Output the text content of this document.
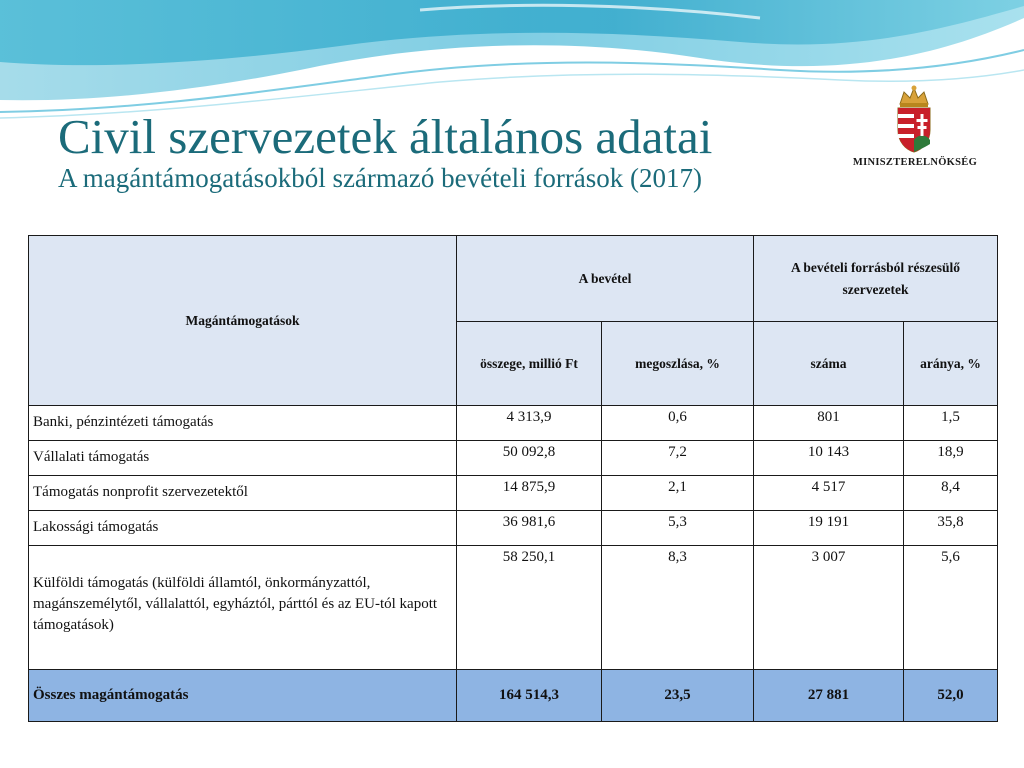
Civil szervezetek általános adatai

A magántámogatásokból származó bevételi források (2017)

MINISZTERELNÖKSÉG
Magántámogatások	A bevétel		A bevételi forrásból részesülő szervezetek	
	összege, millió Ft	megoszlása, %	száma	aránya, %
Banki, pénzintézeti támogatás	4 313,9	0,6	801	1,5
Vállalati támogatás	50 092,8	7,2	10 143	18,9
Támogatás nonprofit szervezetektől	14 875,9	2,1	4 517	8,4
Lakossági támogatás	36 981,6	5,3	19 191	35,8
Külföldi támogatás (külföldi államtól, önkormányzattól, magánszemélytől, vállalattól, egyháztól, párttól és az EU-tól kapott támogatások)	58 250,1	8,3	3 007	5,6
Összes magántámogatás	164 514,3	23,5	27 881	52,0
